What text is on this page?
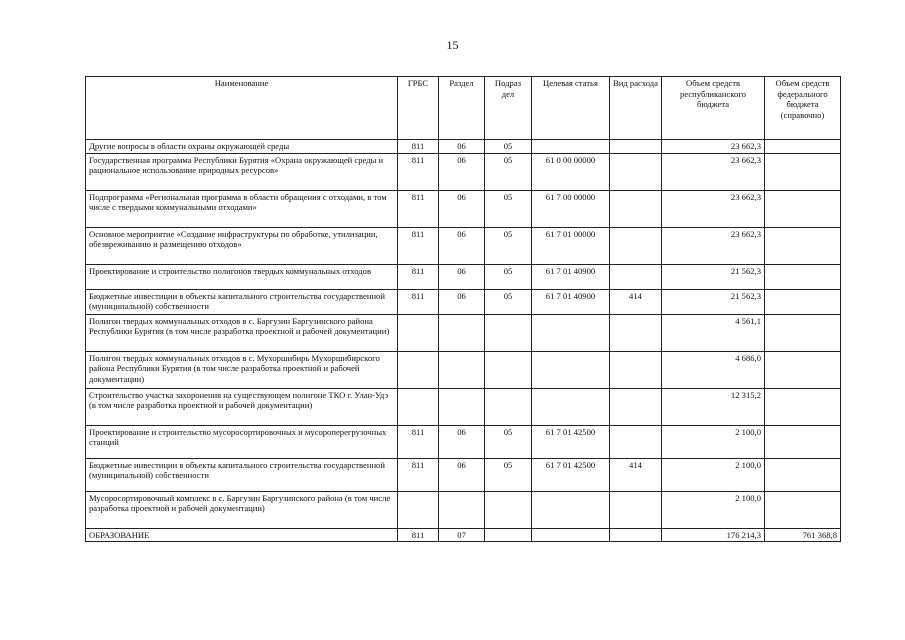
15
Наименование	ГРБС	Раздел	Подраз дел	Целевая статья	Вид расхода	Объем средств республиканского бюджета	Объем средств федерального бюджета (справочно)
Другие вопросы в области охраны окружающей среды	811	06	05			23 662,3	
Государственная программа Республики Бурятия «Охрана окружающей среды и рациональное использование природных ресурсов»	811	06	05	61 0 00 00000		23 662,3	
Подпрограмма «Региональная программа в области обращения с отходами, в том числе с твердыми коммунальными отходами»	811	06	05	61 7 00 00000		23 662,3	
Основное мероприятие «Создание инфраструктуры по обработке, утилизации, обезвреживанию и размещению отходов»	811	06	05	61 7 01 00000		23 662,3	
Проектирование и строительство полигонов твердых коммунальных отходов	811	06	05	61 7 01 40900		21 562,3	
Бюджетные инвестиции в объекты капитального строительства государственной (муниципальной) собственности	811	06	05	61 7 01 40900	414	21 562,3	
Полигон твердых коммунальных отходов в с. Баргузин Баргузинского района Республики Бурятия (в том числе разработка проектной и рабочей документации)						4 561,1	
Полигон твердых коммунальных отходов в с. Мухоршибирь Мухоршибирского района Республики Бурятия (в том числе разработка проектной и рабочей документации)						4 686,0	
Строительство участка захоронения на существующем полигоне ТКО г. Улан-Удэ (в том числе разработка проектной и рабочей документации)						12 315,2	
Проектирование и строительство мусоросортировочных и мусороперегрузочных станций	811	06	05	61 7 01 42500		2 100,0	
Бюджетные инвестиции в объекты капитального строительства государственной (муниципальной) собственности	811	06	05	61 7 01 42500	414	2 100,0	
Мусоросортировочный комплекс в с. Баргузин Баргузинского района (в том числе разработка проектной и рабочей документации)						2 100,0	
ОБРАЗОВАНИЕ	811	07				176 214,3	761 368,8
